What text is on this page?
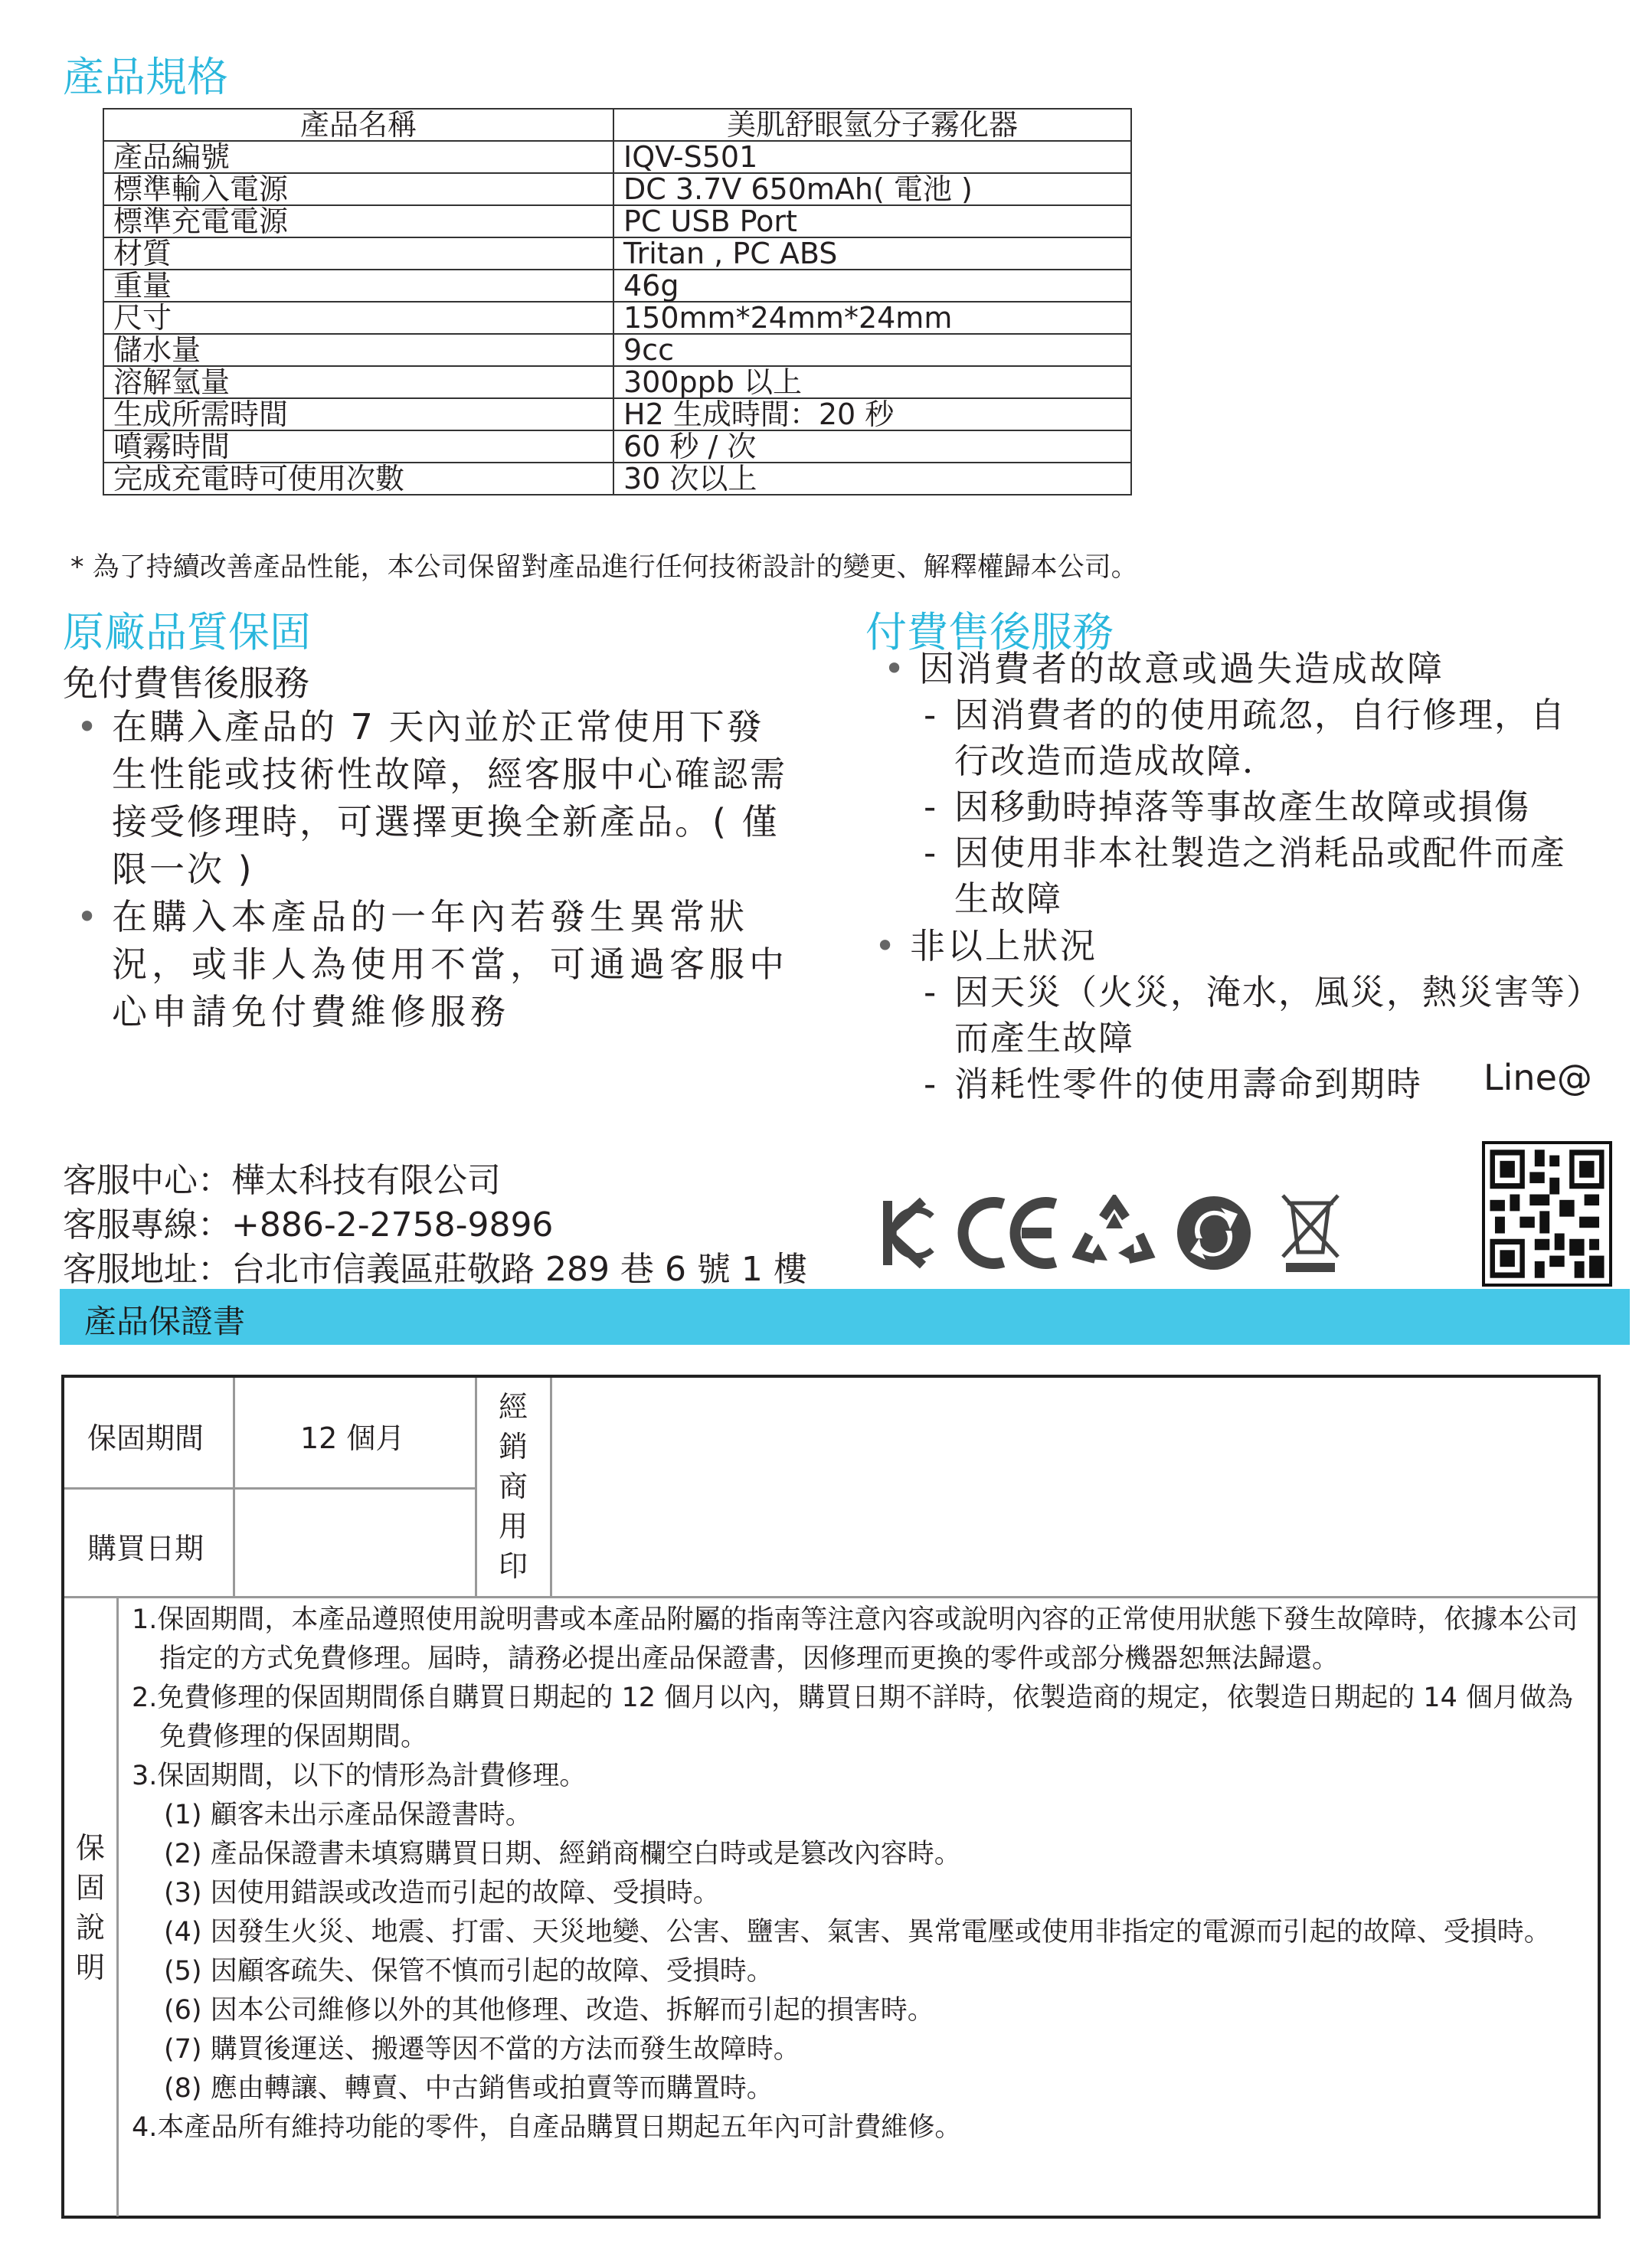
產品規格
產品名稱	美肌舒眼氫分子霧化器
產品編號	IQV-S501
標準輸入電源	DC 3.7V 650mAh( 電池 )
標準充電電源	PC USB Port
材質	Tritan , PC ABS
重量	46g
尺寸	150mm*24mm*24mm
儲水量	9cc
溶解氫量	300ppb 以上
生成所需時間	H2 生成時間：20 秒
噴霧時間	60 秒 / 次
完成充電時可使用次數	30 次以上
* 為了持續改善產品性能，本公司保留對產品進行任何技術設計的變更、解釋權歸本公司。
原廠品質保固
免付費售後服務
• 在購入產品的 7 天內並於正常使用下發生性能或技術性故障，經客服中心確認需接受修理時，可選擇更換全新產品。( 僅限一次 )
• 在購入本產品的一年內若發生異常狀況，或非人為使用不當，可通過客服中心申請免付費維修服務
付費售後服務
• 因消費者的故意或過失造成故障
- 因消費者的的使用疏忽，自行修理，自行改造而造成故障．
- 因移動時掉落等事故產生故障或損傷
- 因使用非本社製造之消耗品或配件而產生故障
• 非以上狀況
- 因天災（火災，淹水，風災，熱災害等）而產生故障
- 消耗性零件的使用壽命到期時	Line@
客服中心：樺太科技有限公司
客服專線：+886-2-2758-9896
客服地址：台北市信義區莊敬路 289 巷 6 號 1 樓
產品保證書
保固期間	12 個月
購買日期
經
銷
商
用
印
保
固
說
明

1.保固期間，本產品遵照使用說明書或本產品附屬的指南等注意內容或說明內容的正常使用狀態下發生故障時，依據本公司指定的方式免費修理。屆時，請務必提出產品保證書，因修理而更換的零件或部分機器恕無法歸還。

2.免費修理的保固期間係自購買日期起的 12 個月以內，購買日期不詳時，依製造商的規定，依製造日期起的 14 個月做為免費修理的保固期間。

3.保固期間，以下的情形為計費修理。

(1) 顧客未出示產品保證書時。

(2) 產品保證書未填寫購買日期、經銷商欄空白時或是篡改內容時。

(3) 因使用錯誤或改造而引起的故障、受損時。

(4) 因發生火災、地震、打雷、天災地變、公害、鹽害、氣害、異常電壓或使用非指定的電源而引起的故障、受損時。

(5) 因顧客疏失、保管不慎而引起的故障、受損時。

(6) 因本公司維修以外的其他修理、改造、拆解而引起的損害時。

(7) 購買後運送、搬遷等因不當的方法而發生故障時。

(8) 應由轉讓、轉賣、中古銷售或拍賣等而購置時。

4.本產品所有維持功能的零件，自產品購買日期起五年內可計費維修。
